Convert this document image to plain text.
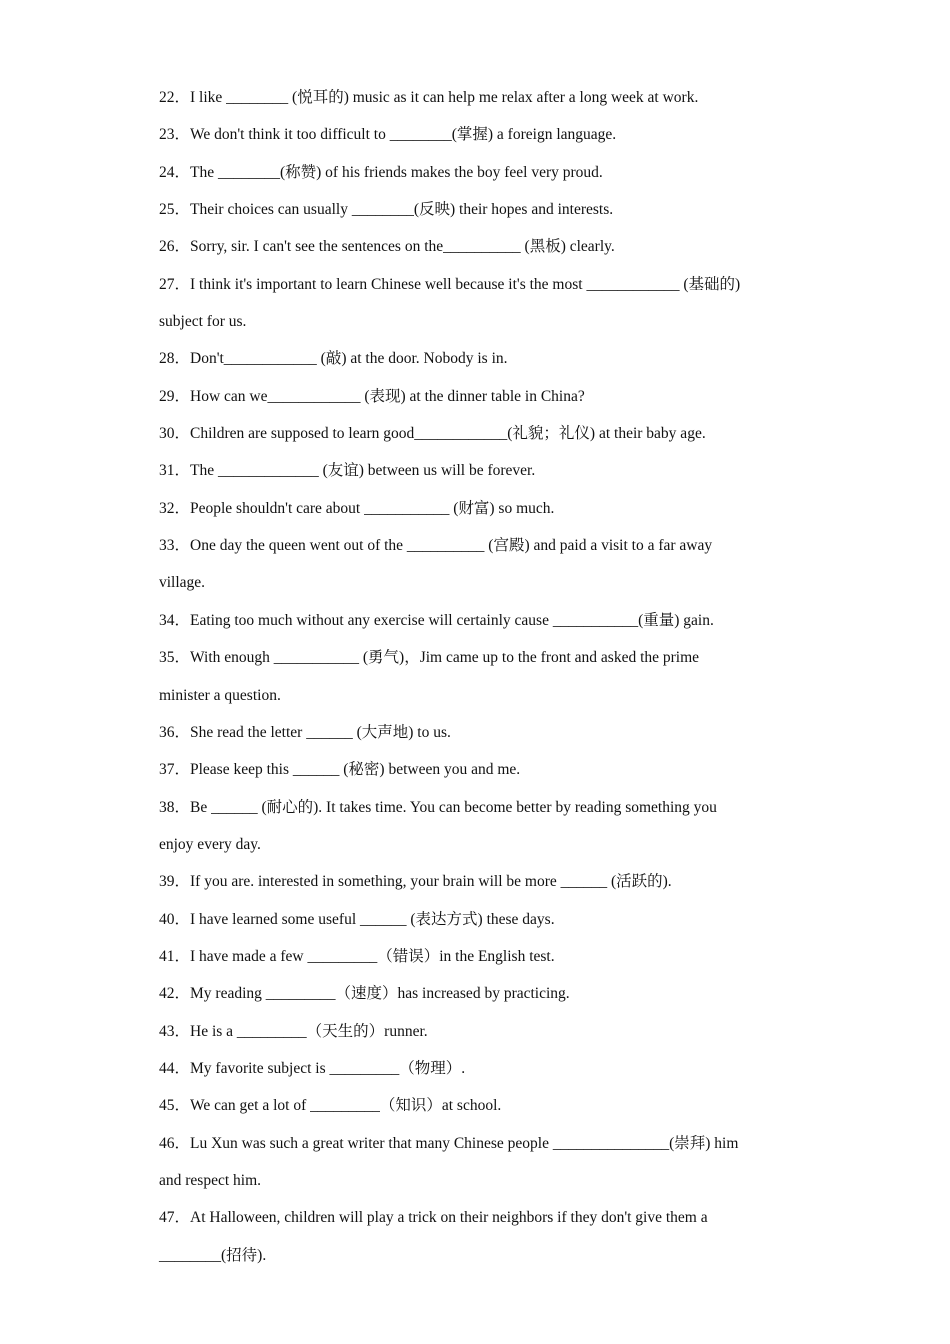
22．I like ________ (悦耳的) music as it can help me relax after a long week at work.
23．We don't think it too difficult to ________(掌握) a foreign language.
24．The ________(称赞) of his friends makes the boy feel very proud.
25．Their choices can usually ________(反映) their hopes and interests.
26．Sorry, sir. I can't see the sentences on the__________ (黑板) clearly.
27．I think it's important to learn Chinese well because it's the most ____________ (基础的)
subject for us.
28．Don't____________ (敲) at the door. Nobody is in.
29．How can we____________ (表现) at the dinner table in China?
30．Children are supposed to learn good____________(礼貌；礼仪) at their baby age.
31．The _____________ (友谊) between us will be forever.
32．People shouldn't care about ___________ (财富) so much.
33．One day the queen went out of the __________ (宫殿) and paid a visit to a far away
village.
34．Eating too much without any exercise will certainly cause ___________(重量) gain.
35．With enough ___________ (勇气)，Jim came up to the front and asked the prime
minister a question.
36．She read the letter ______ (大声地) to us.
37．Please keep this ______ (秘密) between you and me.
38．Be ______ (耐心的). It takes time. You can become better by reading something you
enjoy every day.
39．If you are. interested in something, your brain will be more ______ (活跃的).
40．I have learned some useful ______ (表达方式) these days.
41．I have made a few _________（错误）in the English test.
42．My reading _________（速度）has increased by practicing.
43．He is a _________（天生的）runner.
44．My favorite subject is _________（物理）.
45．We can get a lot of _________（知识）at school.
46．Lu Xun was such a great writer that many Chinese people _______________(崇拜) him
and respect him.
47．At Halloween, children will play a trick on their neighbors if they don't give them a
________(招待).
